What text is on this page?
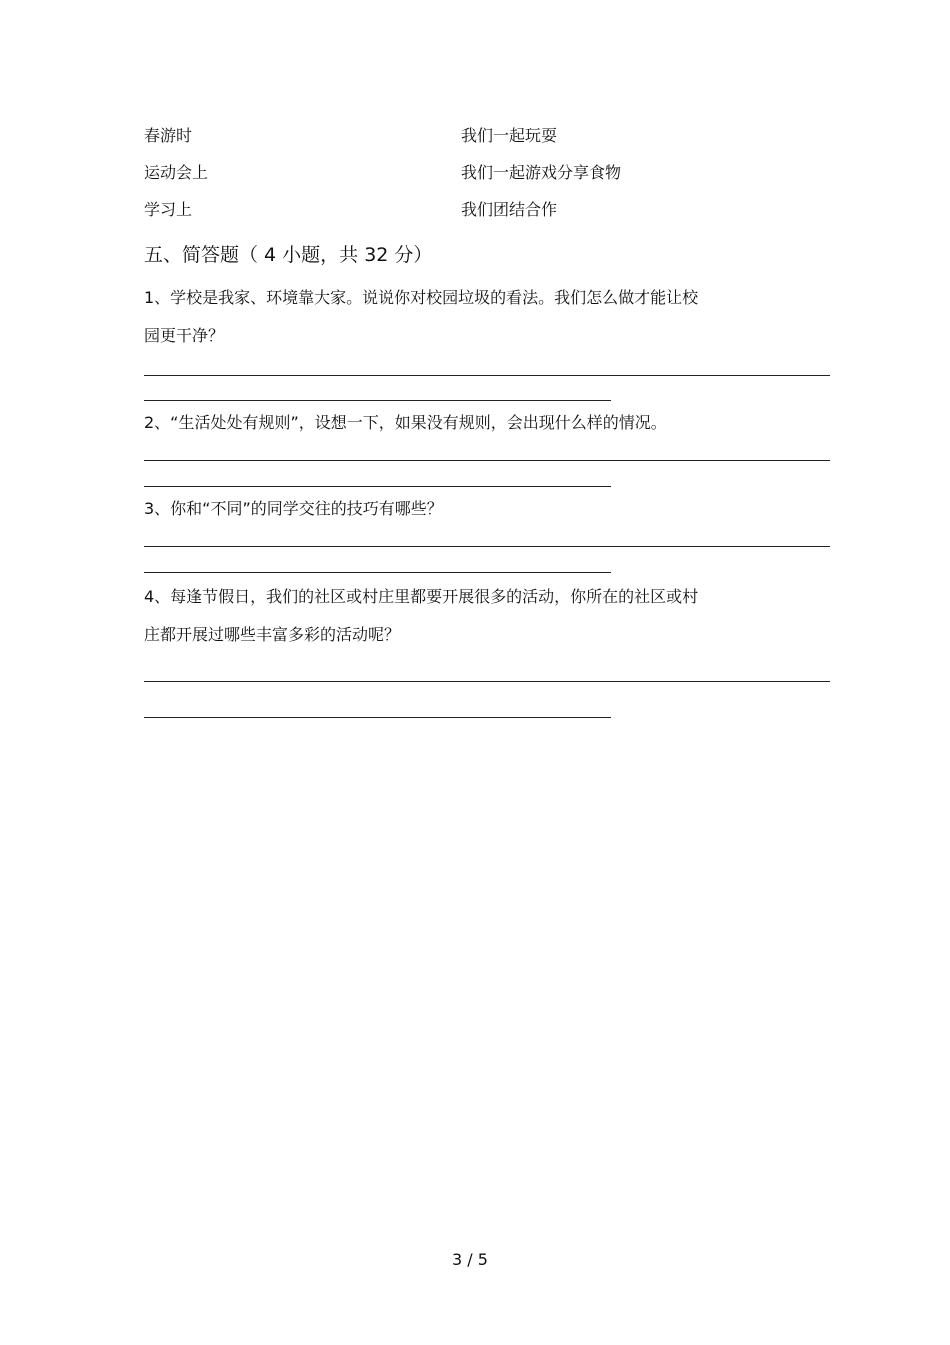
春游时	我们一起玩耍
运动会上	我们一起游戏分享食物
学习上	我们团结合作
五、简答题（ 4 小题，共 32 分）
1、学校是我家、环境靠大家。说说你对校园垃圾的看法。我们怎么做才能让校
园更干净？
2、“生活处处有规则”，设想一下，如果没有规则，会出现什么样的情况。
3、你和“不同”的同学交往的技巧有哪些？
4、每逢节假日，我们的社区或村庄里都要开展很多的活动，你所在的社区或村
庄都开展过哪些丰富多彩的活动呢？
3 / 5
